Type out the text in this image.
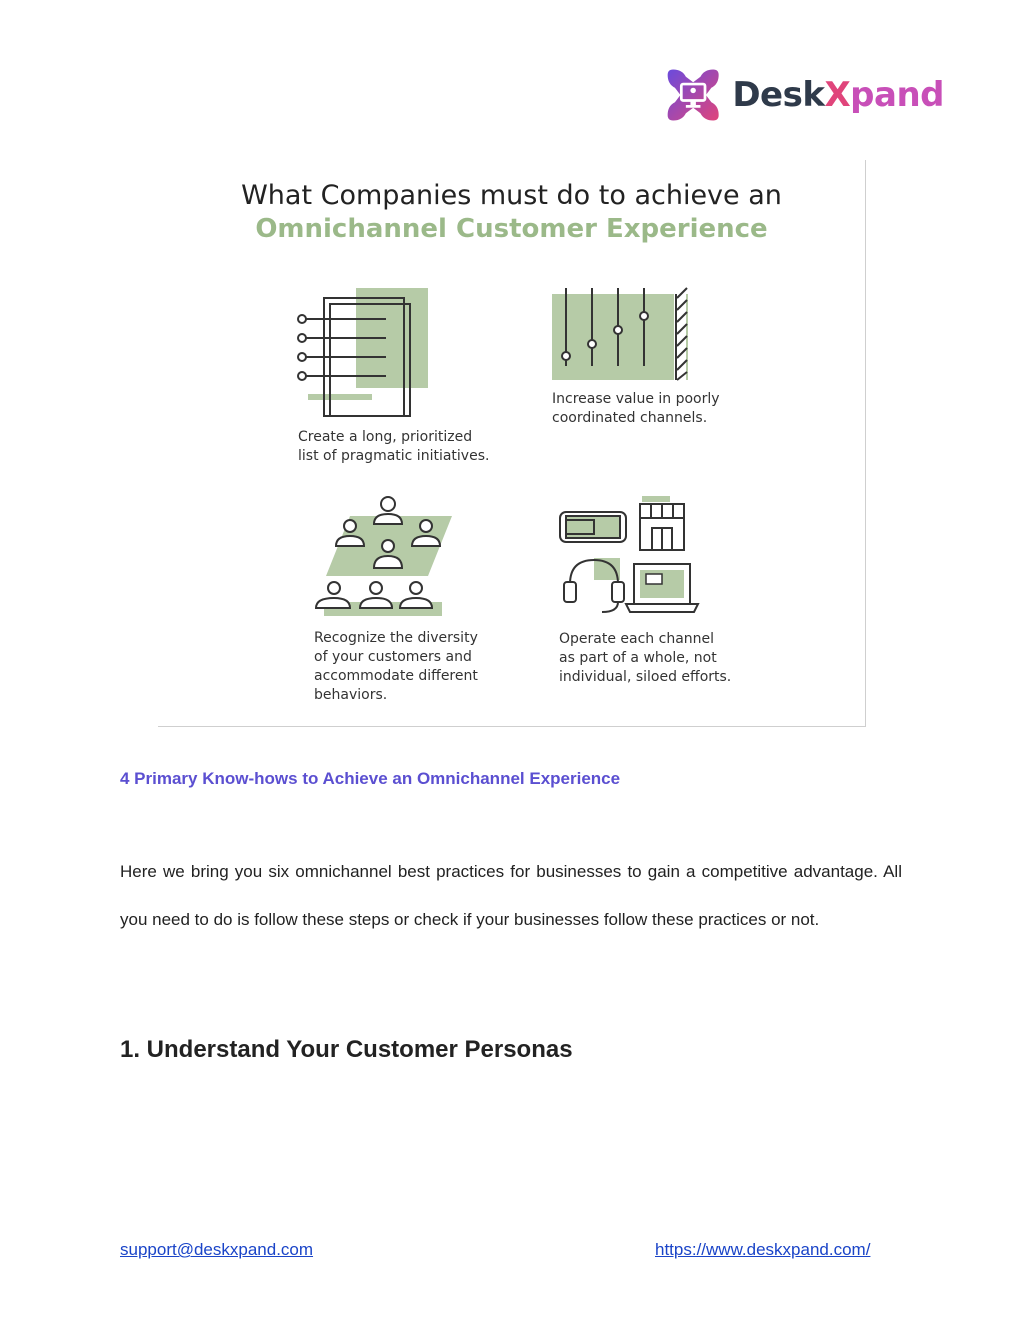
DeskXpand
What Companies must do to achieve an
Omnichannel Customer Experience
Create a long, prioritized
list of pragmatic initiatives.
Increase value in poorly
coordinated channels.
Recognize the diversity
of your customers and
accommodate different
behaviors.
Operate each channel
as part of a whole, not
individual, siloed efforts.
4 Primary Know-hows to Achieve an Omnichannel Experience
Here we bring you six omnichannel best practices for businesses to gain a competitive advantage. All you need to do is follow these steps or check if your businesses follow these practices or not.
1. Understand Your Customer Personas
support@deskxpand.com	https://www.deskxpand.com/
